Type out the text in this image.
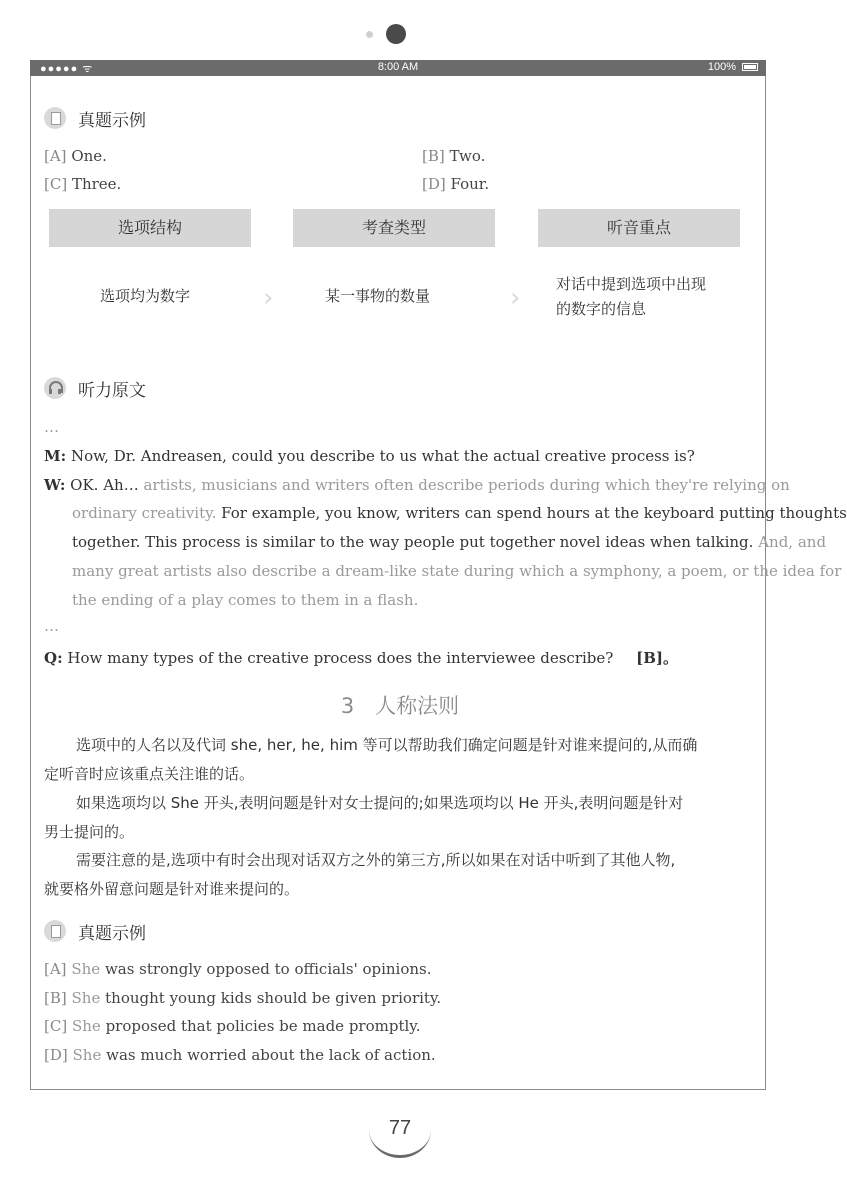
●●●●● ᯤ	8:00 AM	100%
真题示例
[A] One.	[B] Two.
[C] Three.	[D] Four.
选项结构	考查类型	听音重点
选项均为数字	›	某一事物的数量	› 对话中提到选项中出现
的数字的信息
听力原文
…
M: Now, Dr. Andreasen, could you describe to us what the actual creative process is?
W: OK. Ah… artists, musicians and writers often describe periods during which they're relying on
ordinary creativity. For example, you know, writers can spend hours at the keyboard putting thoughts
together. This process is similar to the way people put together novel ideas when talking. And, and
many great artists also describe a dream-like state during which a symphony, a poem, or the idea for
the ending of a play comes to them in a flash.
…
Q: How many types of the creative process does the interviewee describe? [B]。
3　人称法则
选项中的人名以及代词 she, her, he, him 等可以帮助我们确定问题是针对谁来提问的,从而确
定听音时应该重点关注谁的话。
如果选项均以 She 开头,表明问题是针对女士提问的;如果选项均以 He 开头,表明问题是针对
男士提问的。
需要注意的是,选项中有时会出现对话双方之外的第三方,所以如果在对话中听到了其他人物,
就要格外留意问题是针对谁来提问的。
真题示例
[A] She was strongly opposed to officials' opinions.
[B] She thought young kids should be given priority.
[C] She proposed that policies be made promptly.
[D] She was much worried about the lack of action.
77
